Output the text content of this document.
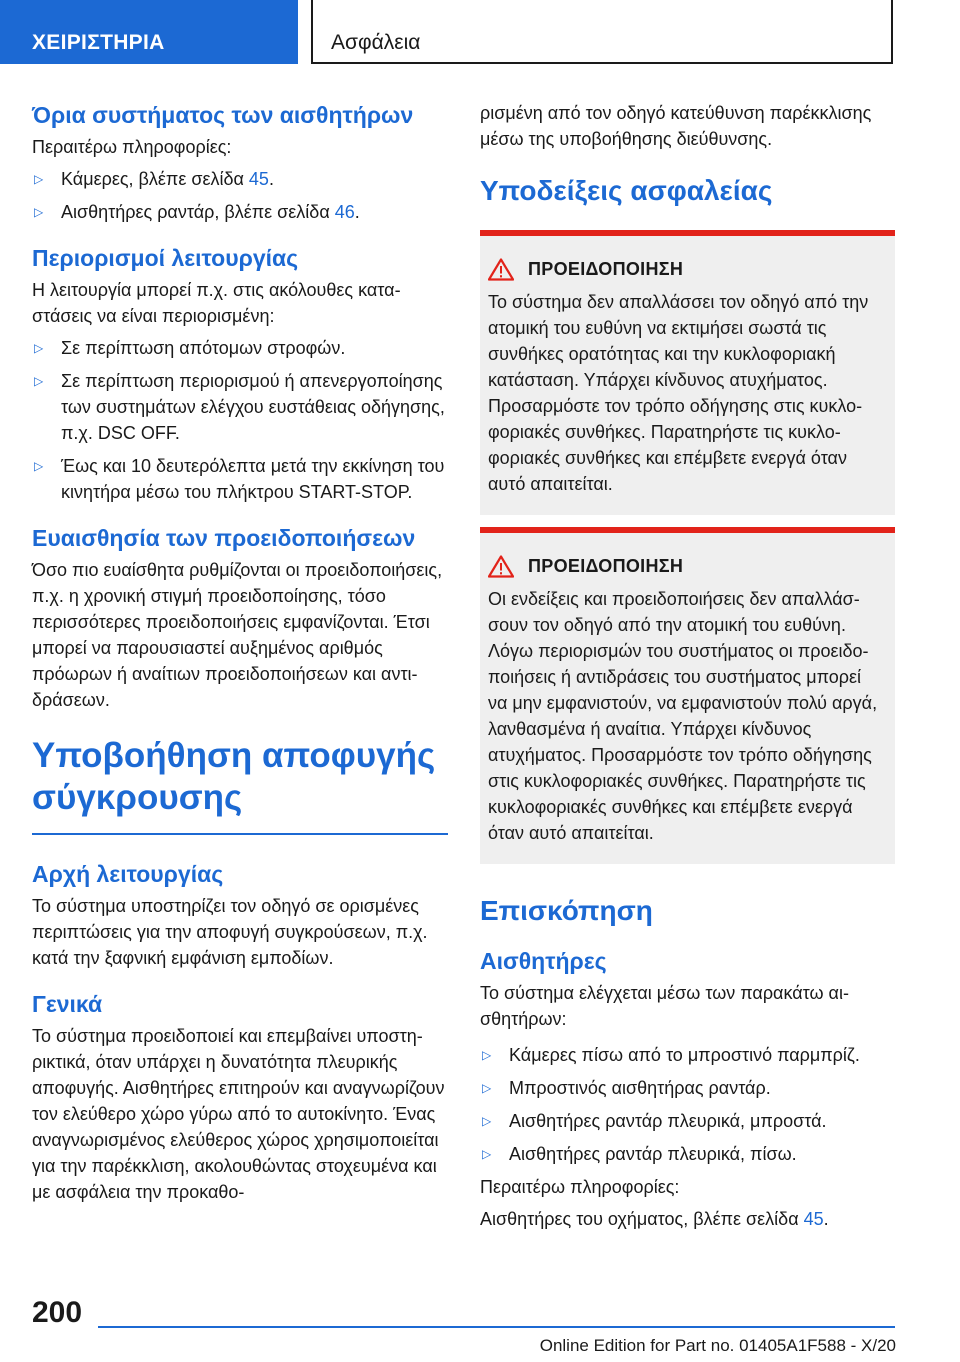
ΧΕΙΡΙΣΤΗΡΙΑ	Ασφάλεια
Όρια συστήματος των αισθητήρων

Περαιτέρω πληροφορίες:

▷ Κάμερες, βλέπε σελίδα 45.
▷ Αισθητήρες ραντάρ, βλέπε σελίδα 46.
Περιορισμοί λειτουργίας

Η λειτουργία μπορεί π.χ. στις ακόλουθες καταστάσεις να είναι περιορισμένη:

▷ Σε περίπτωση απότομων στροφών.
▷ Σε περίπτωση περιορισμού ή απενεργοποίησης των συστημάτων ελέγχου ευστάθειας οδήγησης, π.χ. DSC OFF.
▷ Έως και 10 δευτερόλεπτα μετά την εκκίνηση του κινητήρα μέσω του πλήκτρου START-STOP.
Ευαισθησία των προειδοποιήσεων

Όσο πιο ευαίσθητα ρυθμίζονται οι προειδοποιήσεις, π.χ. η χρονική στιγμή προειδοποίησης, τόσο περισσότερες προειδοποιήσεις εμφανίζονται. Έτσι μπορεί να παρουσιαστεί αυξημένος αριθμός πρόωρων ή αναίτιων προειδοποιήσεων και αντιδράσεων.

Υποβοήθηση αποφυγής σύγκρουσης
Αρχή λειτουργίας

Το σύστημα υποστηρίζει τον οδηγό σε ορισμένες περιπτώσεις για την αποφυγή συγκρούσεων, π.χ. κατά την ξαφνική εμφάνιση εμποδίων.

Γενικά

Το σύστημα προειδοποιεί και επεμβαίνει υποστηρικτικά, όταν υπάρχει η δυνατότητα πλευρικής αποφυγής. Αισθητήρες επιτηρούν και αναγνωρίζουν τον ελεύθερο χώρο γύρω από το αυτοκίνητο. Ένας αναγνωρισμένος ελεύθερος χώρος χρησιμοποιείται για την παρέκκλιση, ακολουθώντας στοχευμένα και με ασφάλεια την προκαθο-

ρισμένη από τον οδηγό κατεύθυνση παρέκκλισης μέσω της υποβοήθησης διεύθυνσης.

Υποδείξεις ασφαλείας
ΠΡΟΕΙΔΟΠΟΙΗΣΗ

Το σύστημα δεν απαλλάσσει τον οδηγό από την ατομική του ευθύνη να εκτιμήσει σωστά τις συνθήκες ορατότητας και την κυκλοφοριακή κατάσταση. Υπάρχει κίνδυνος ατυχήματος. Προσαρμόστε τον τρόπο οδήγησης στις κυκλοφοριακές συνθήκες. Παρατηρήστε τις κυκλοφοριακές συνθήκες και επέμβετε ενεργά όταν αυτό απαιτείται.

ΠΡΟΕΙΔΟΠΟΙΗΣΗ

Οι ενδείξεις και προειδοποιήσεις δεν απαλλάσσουν τον οδηγό από την ατομική του ευθύνη. Λόγω περιορισμών του συστήματος οι προειδοποιήσεις ή αντιδράσεις του συστήματος μπορεί να μην εμφανιστούν, να εμφανιστούν πολύ αργά, λανθασμένα ή αναίτια. Υπάρχει κίνδυνος ατυχήματος. Προσαρμόστε τον τρόπο οδήγησης στις κυκλοφοριακές συνθήκες. Παρατηρήστε τις κυκλοφοριακές συνθήκες και επέμβετε ενεργά όταν αυτό απαιτείται.

Επισκόπηση
Αισθητήρες

Το σύστημα ελέγχεται μέσω των παρακάτω αισθητήρων:

▷ Κάμερες πίσω από το μπροστινό παρμπρίζ.
▷ Μπροστινός αισθητήρας ραντάρ.
▷ Αισθητήρες ραντάρ πλευρικά, μπροστά.
▷ Αισθητήρες ραντάρ πλευρικά, πίσω.

Περαιτέρω πληροφορίες:

Αισθητήρες του οχήματος, βλέπε σελίδα 45.

200
Online Edition for Part no. 01405A1F588 - X/20
